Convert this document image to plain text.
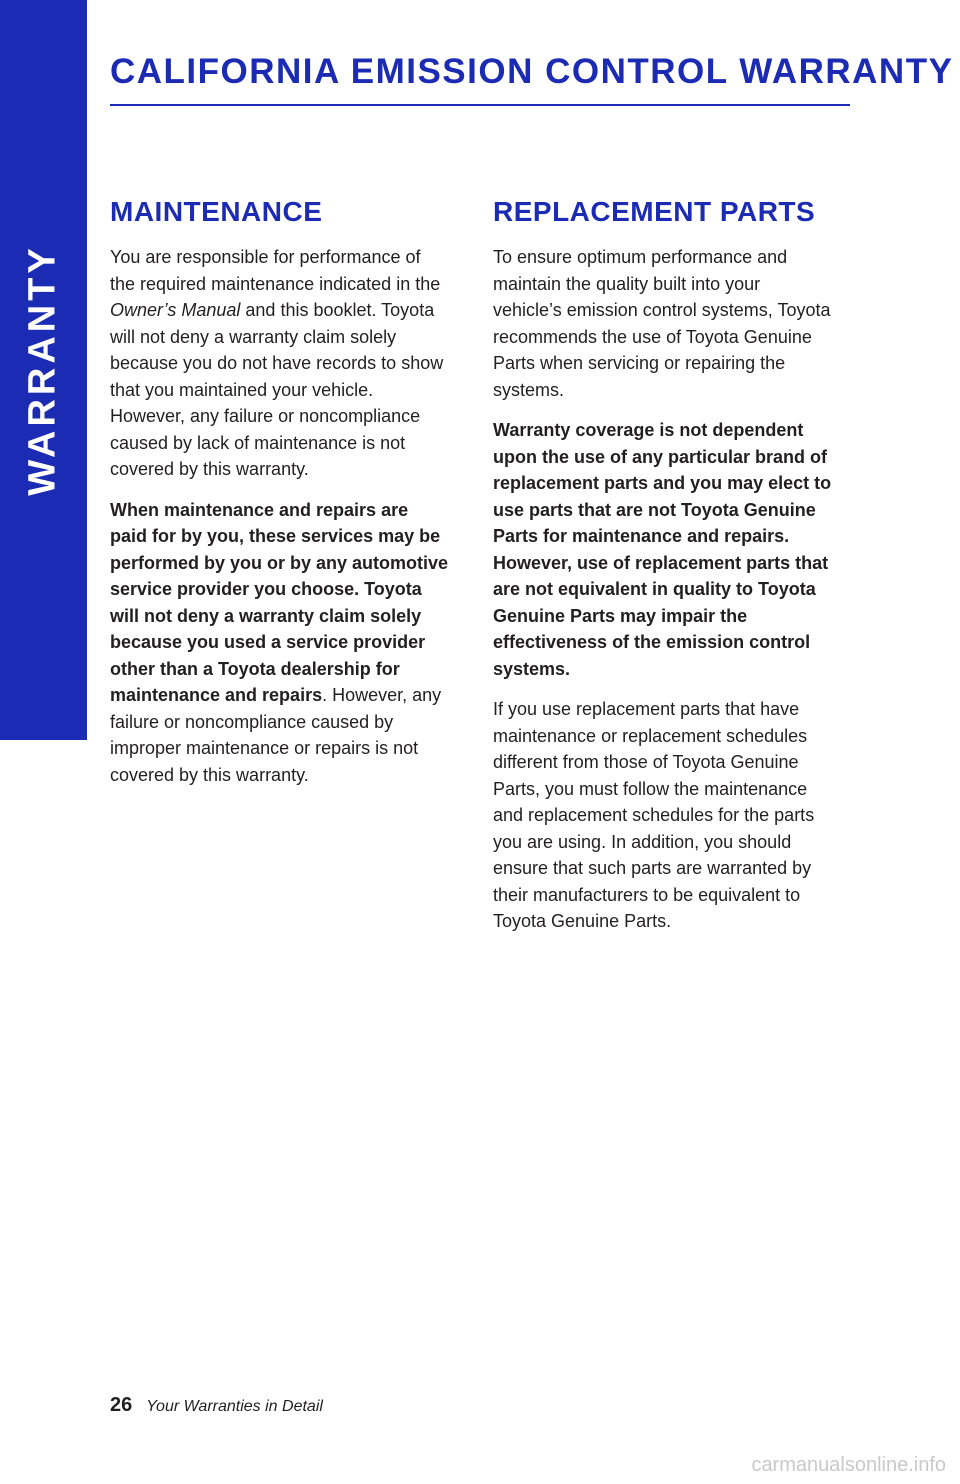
WARRANTY
CALIFORNIA EMISSION CONTROL WARRANTY
MAINTENANCE

You are responsible for performance of the required maintenance indicated in the Owner’s Manual and this booklet. Toyota will not deny a warranty claim solely because you do not have records to show that you maintained your vehicle. However, any failure or noncompliance caused by lack of maintenance is not covered by this warranty.

When maintenance and repairs are paid for by you, these services may be performed by you or by any automotive service provider you choose. Toyota will not deny a warranty claim solely because you used a service provider other than a Toyota dealership for maintenance and repairs. However, any failure or noncompliance caused by improper maintenance or repairs is not covered by this warranty.

REPLACEMENT PARTS

To ensure optimum performance and maintain the quality built into your vehicle’s emission control systems, Toyota recommends the use of Toyota Genuine Parts when servicing or repairing the systems.

Warranty coverage is not dependent upon the use of any particular brand of replacement parts and you may elect to use parts that are not Toyota Genuine Parts for maintenance and repairs. However, use of replacement parts that are not equivalent in quality to Toyota Genuine Parts may impair the effectiveness of the emission control systems.

If you use replacement parts that have maintenance or replacement schedules different from those of Toyota Genuine Parts, you must follow the maintenance and replacement schedules for the parts you are using. In addition, you should ensure that such parts are warranted by their manufacturers to be equivalent to Toyota Genuine Parts.

26 Your Warranties in Detail
carmanualsonline.info
